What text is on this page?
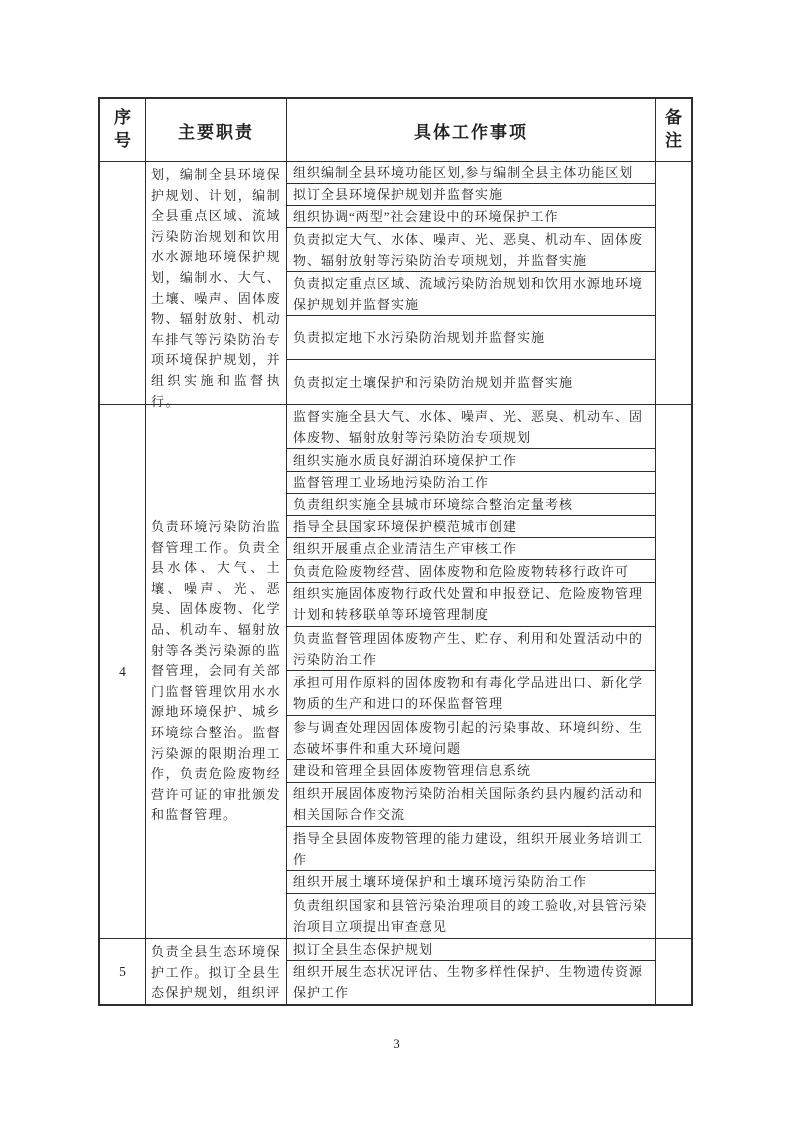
序号	主要职责	具体工作事项
备注
划，编制全县环境保护规划、计划，编制全县重点区域、流域污染防治规划和饮用水水源地环境保护规划，编制水、大气、土壤、噪声、固体废物、辐射放射、机动车排气等污染防治专项环境保护规划，并组织实施和监督执行。
组织编制全县环境功能区划,参与编制全县主体功能区划
拟订全县环境保护规划并监督实施
组织协调“两型”社会建设中的环境保护工作
负责拟定大气、水体、噪声、光、恶臭、机动车、固体废物、辐射放射等污染防治专项规划，并监督实施
负责拟定重点区域、流域污染防治规划和饮用水源地环境保护规划并监督实施
负责拟定地下水污染防治规划并监督实施
负责拟定土壤保护和污染防治规划并监督实施
4
负责环境污染防治监督管理工作。负责全县水体、大气、土壤、噪声、光、恶臭、固体废物、化学品、机动车、辐射放射等各类污染源的监督管理，会同有关部门监督管理饮用水水源地环境保护、城乡环境综合整治。监督污染源的限期治理工作，负责危险废物经营许可证的审批颁发和监督管理。
监督实施全县大气、水体、噪声、光、恶臭、机动车、固体废物、辐射放射等污染防治专项规划
组织实施水质良好湖泊环境保护工作
监督管理工业场地污染防治工作
负责组织实施全县城市环境综合整治定量考核
指导全县国家环境保护模范城市创建
组织开展重点企业清洁生产审核工作
负责危险废物经营、固体废物和危险废物转移行政许可
组织实施固体废物行政代处置和申报登记、危险废物管理计划和转移联单等环境管理制度
负责监督管理固体废物产生、贮存、利用和处置活动中的污染防治工作
承担可用作原料的固体废物和有毒化学品进出口、新化学物质的生产和进口的环保监督管理
参与调查处理因固体废物引起的污染事故、环境纠纷、生态破坏事件和重大环境问题
建设和管理全县固体废物管理信息系统
组织开展固体废物污染防治相关国际条约县内履约活动和相关国际合作交流
指导全县固体废物管理的能力建设，组织开展业务培训工作
组织开展土壤环境保护和土壤环境污染防治工作
负责组织国家和县管污染治理项目的竣工验收,对县管污染治项目立项提出审查意见
5
负责全县生态环境保护工作。拟订全县生态保护规划，组织评
拟订全县生态保护规划
组织开展生态状况评估、生物多样性保护、生物遗传资源保护工作
3
